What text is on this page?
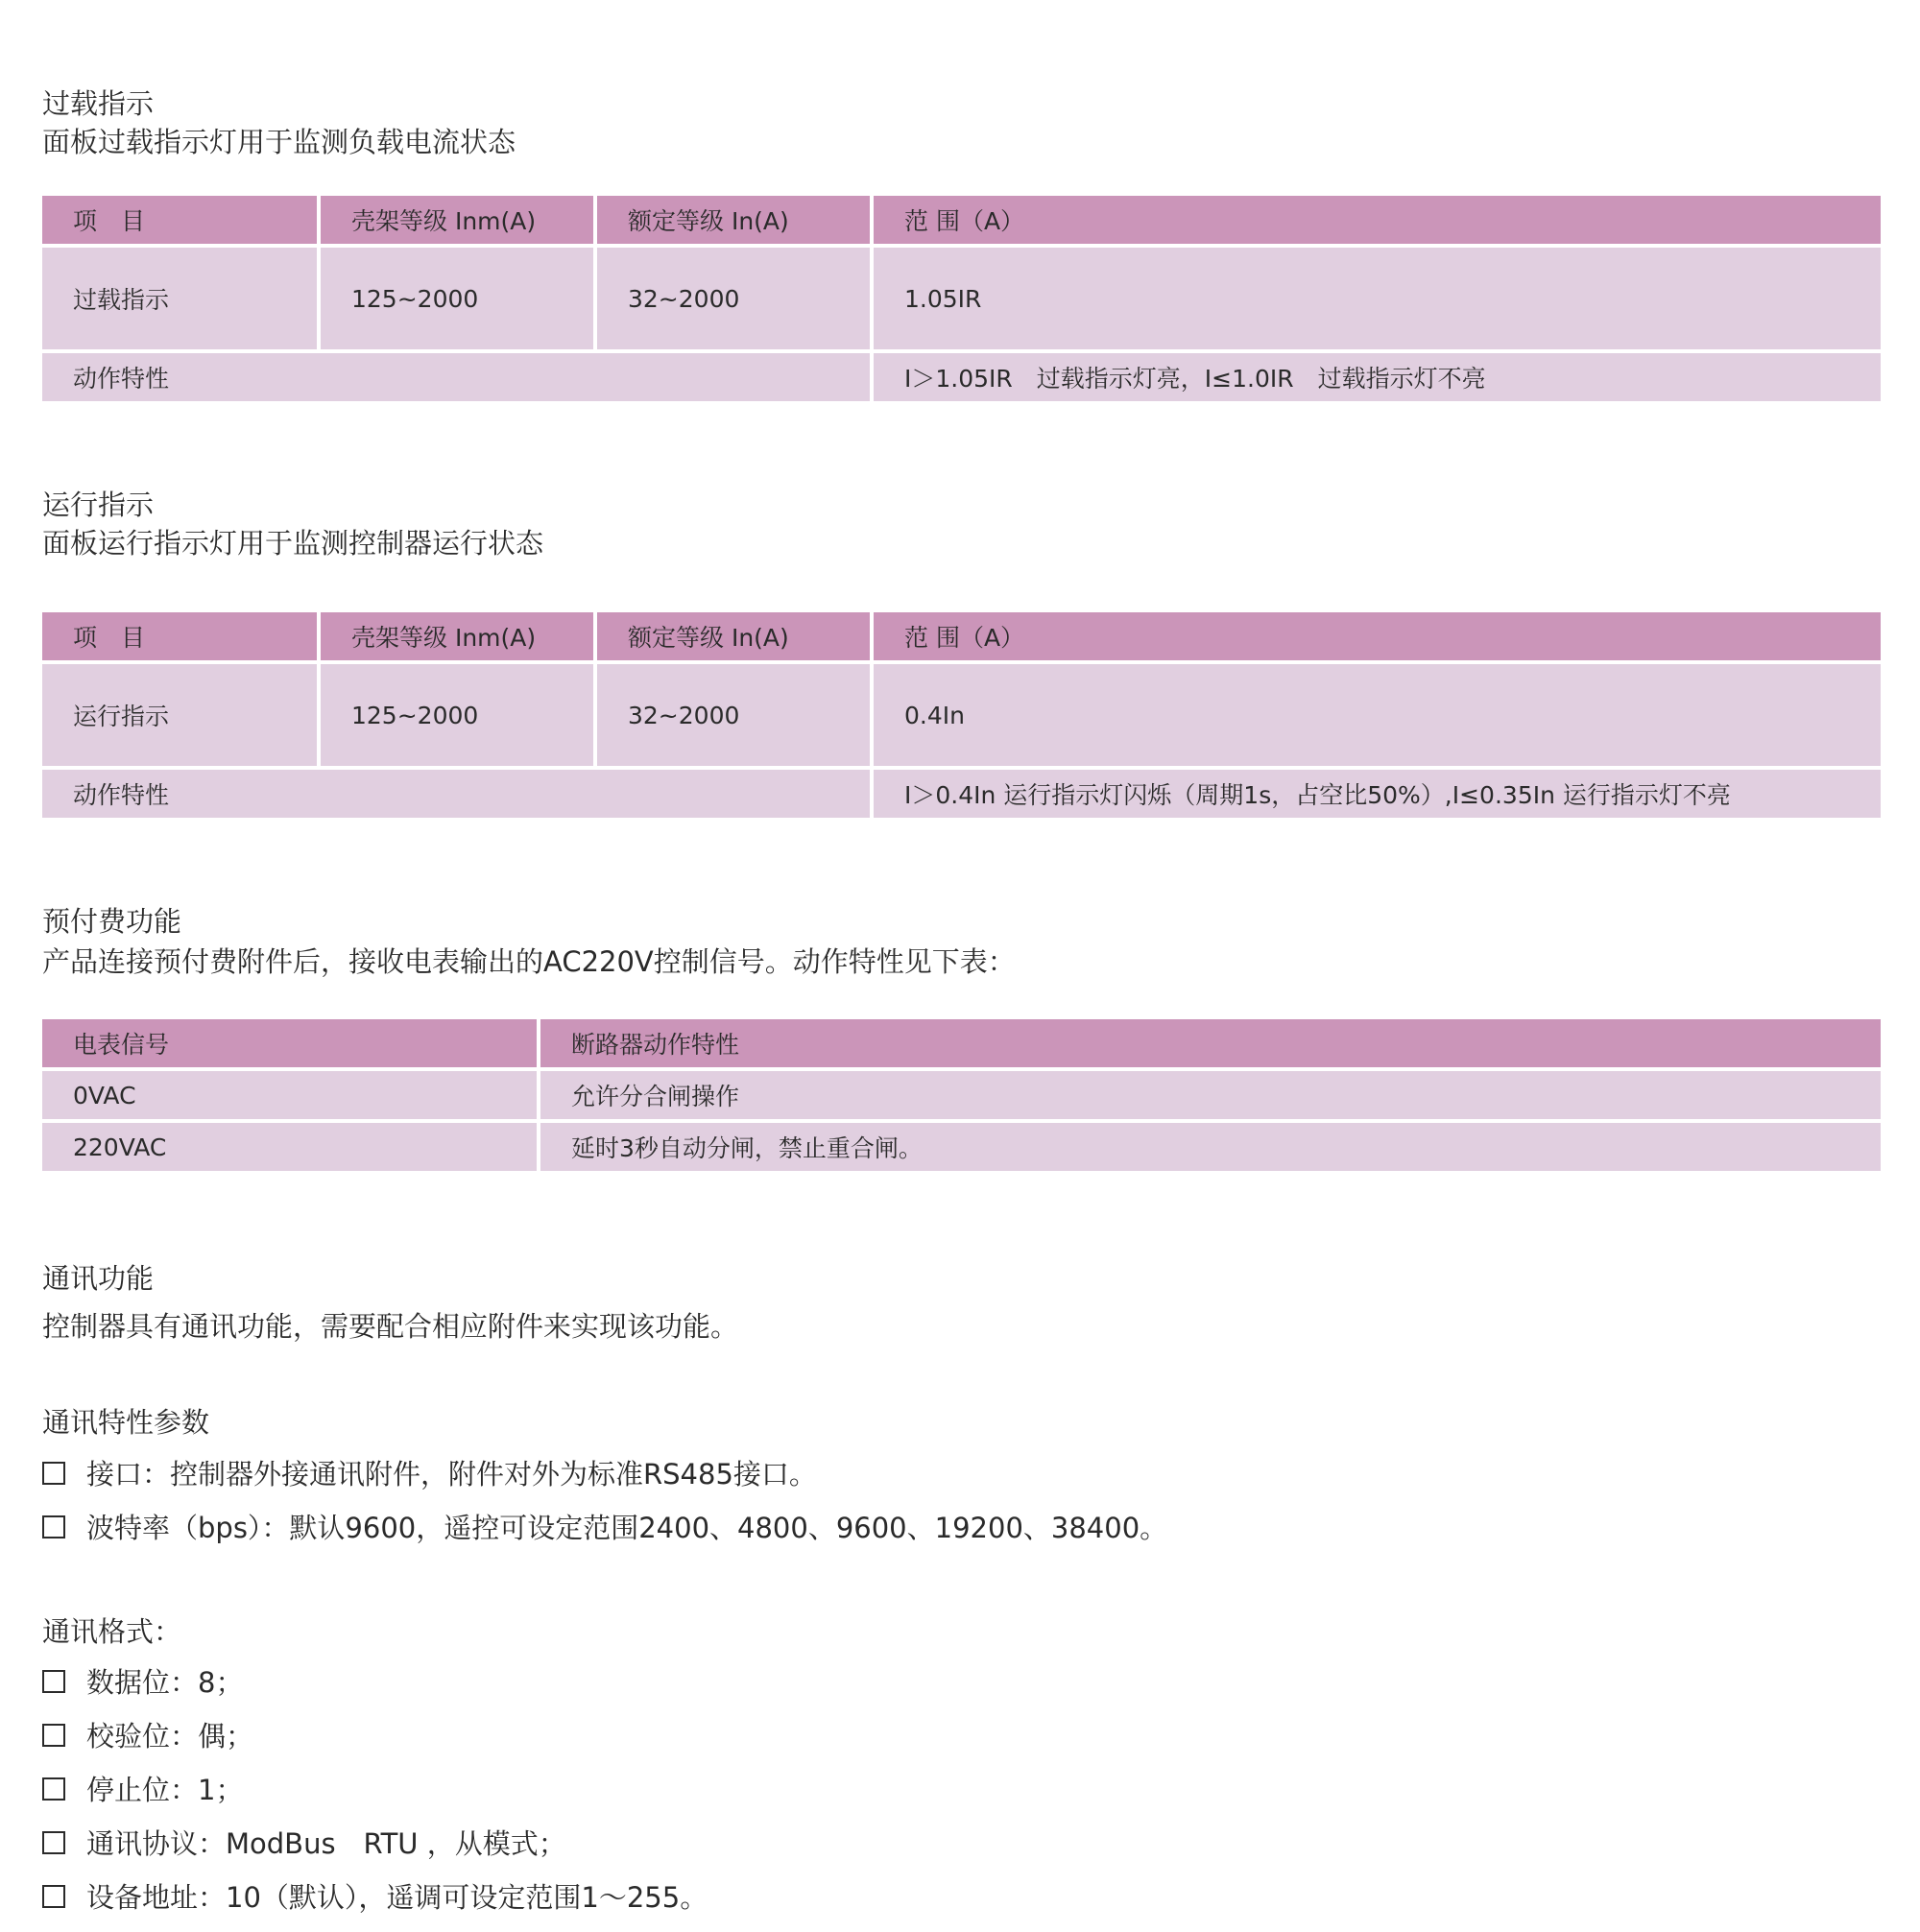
过载指示
面板过载指示灯用于监测负载电流状态
项　目	壳架等级 Inm(A)	额定等级 In(A)	范 围（A）
过载指示	125~2000	32~2000	1.05IR
动作特性			I＞1.05IR　过载指示灯亮，I≤1.0IR　过载指示灯不亮
运行指示
面板运行指示灯用于监测控制器运行状态
项　目	壳架等级 Inm(A)	额定等级 In(A)	范 围（A）
运行指示	125~2000	32~2000	0.4In
动作特性			I＞0.4In 运行指示灯闪烁（周期1s，占空比50%）,I≤0.35In 运行指示灯不亮
预付费功能
产品连接预付费附件后，接收电表输出的AC220V控制信号。动作特性见下表：
电表信号	断路器动作特性
0VAC	允许分合闸操作
220VAC	延时3秒自动分闸，禁止重合闸。
通讯功能
控制器具有通讯功能，需要配合相应附件来实现该功能。
通讯特性参数
接口：控制器外接通讯附件，附件对外为标准RS485接口。
波特率（bps）：默认9600，遥控可设定范围2400、4800、9600、19200、38400。
通讯格式：
数据位：8；
校验位：偶；
停止位：1；
通讯协议：ModBus　RTU ，从模式；
设备地址：10（默认），遥调可设定范围1～255。
